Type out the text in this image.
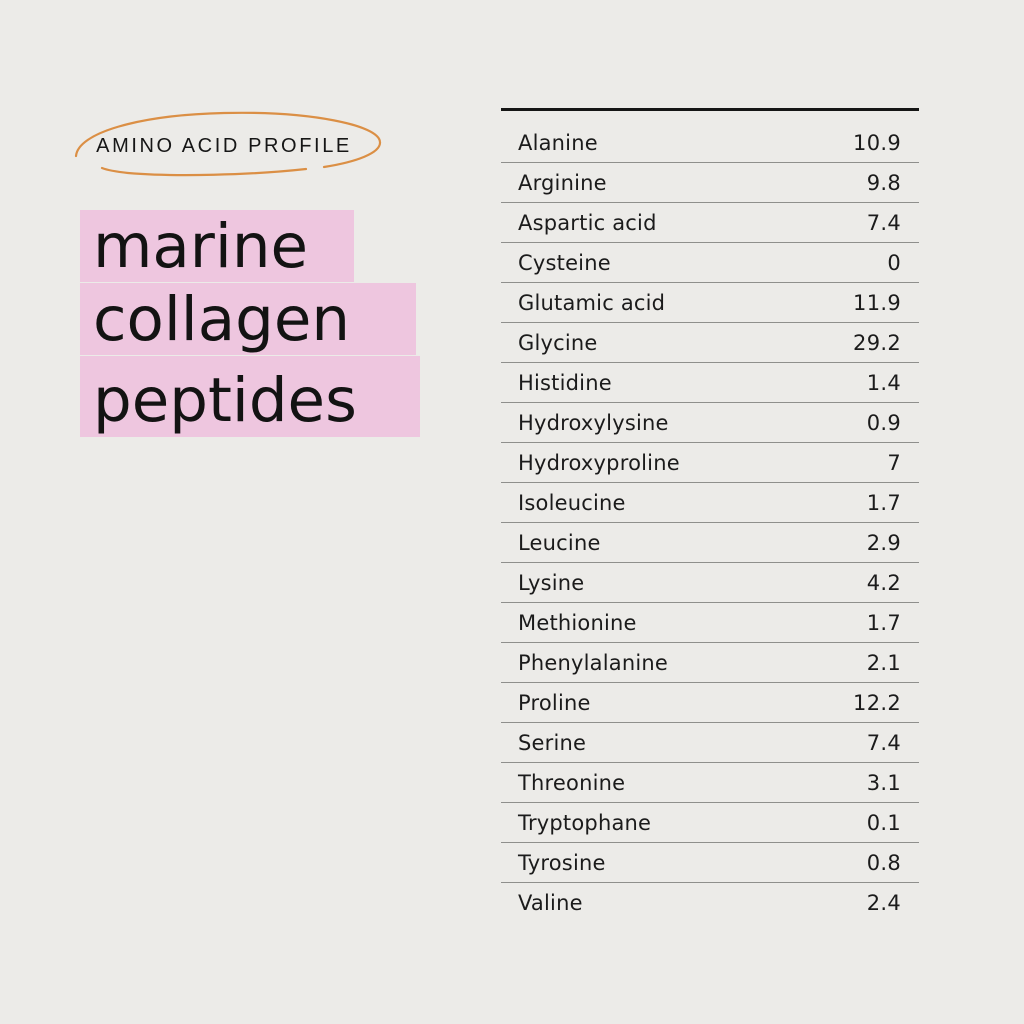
AMINO ACID PROFILE
marine
collagen
peptides
Alanine	10.9
Arginine	9.8
Aspartic acid	7.4
Cysteine	0
Glutamic acid	11.9
Glycine	29.2
Histidine	1.4
Hydroxylysine	0.9
Hydroxyproline	7
Isoleucine	1.7
Leucine	2.9
Lysine	4.2
Methionine	1.7
Phenylalanine	2.1
Proline	12.2
Serine	7.4
Threonine	3.1
Tryptophane	0.1
Tyrosine	0.8
Valine	2.4
